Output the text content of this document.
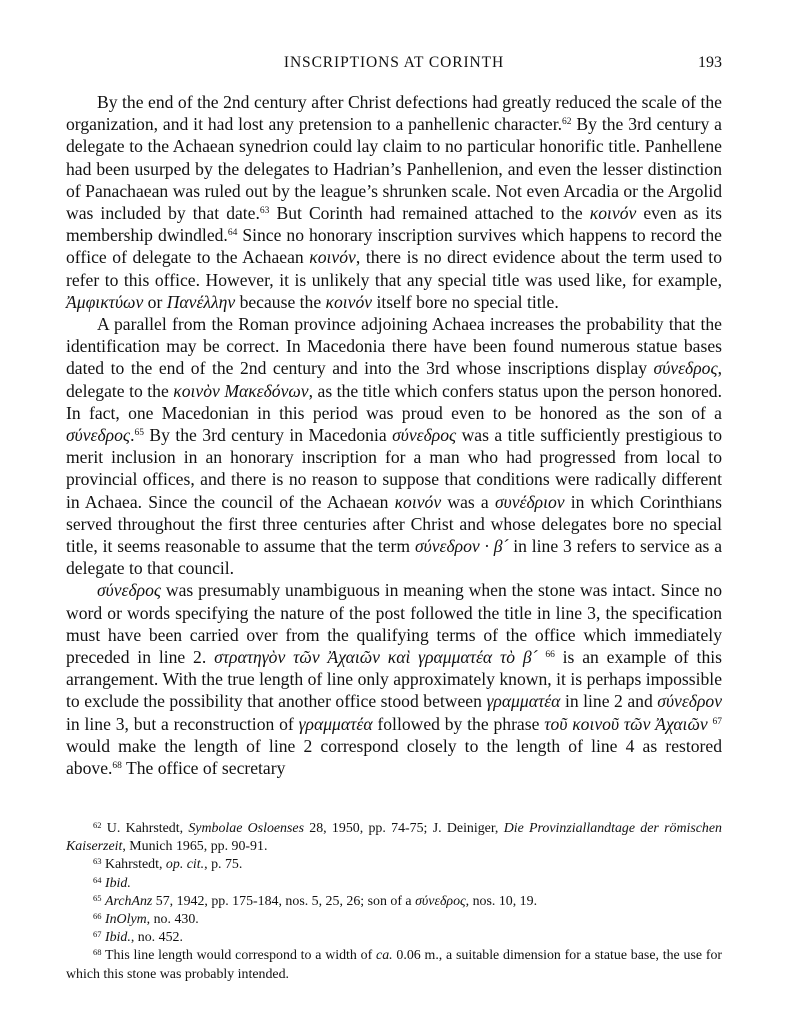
INSCRIPTIONS AT CORINTH	193

By the end of the 2nd century after Christ defections had greatly reduced the scale of the organization, and it had lost any pretension to a panhellenic character.$^{62}$ By the 3rd century a delegate to the Achaean synedrion could lay claim to no particular honorific title. Panhellene had been usurped by the delegates to Hadrian’s Panhellenion, and even the lesser distinction of Panachaean was ruled out by the league’s shrunken scale. Not even Arcadia or the Argolid was included by that date.$^{63}$ But Corinth had remained attached to the κοινόν even as its membership dwindled.$^{64}$ Since no honorary inscription survives which happens to record the office of delegate to the Achaean κοινόν, there is no direct evidence about the term used to refer to this office. However, it is unlikely that any special title was used like, for example, Ἀμφικτύων or Πανέλλην because the κοινόν itself bore no special title.

A parallel from the Roman province adjoining Achaea increases the probability that the identification may be correct. In Macedonia there have been found numerous statue bases dated to the end of the 2nd century and into the 3rd whose inscriptions display σύνεδρος, delegate to the κοινὸν Μακεδόνων, as the title which confers status upon the person honored. In fact, one Macedonian in this period was proud even to be honored as the son of a σύνεδρος.$^{65}$ By the 3rd century in Macedonia σύνεδρος was a title sufficiently prestigious to merit inclusion in an honorary inscription for a man who had progressed from local to provincial offices, and there is no reason to suppose that conditions were radically different in Achaea. Since the council of the Achaean κοινόν was a συνέδριον in which Corinthians served throughout the first three centuries after Christ and whose delegates bore no special title, it seems reasonable to assume that the term σύνεδρον · β´ in line 3 refers to service as a delegate to that council.

σύνεδρος was presumably unambiguous in meaning when the stone was intact. Since no word or words specifying the nature of the post followed the title in line 3, the specification must have been carried over from the qualifying terms of the office which immediately preceded in line 2. στρατηγὸν τῶν Ἀχαιῶν καὶ γραμματέα τὸ β´ $^{66}$ is an example of this arrangement. With the true length of line only approximately known, it is perhaps impossible to exclude the possibility that another office stood between γραμματέα in line 2 and σύνεδρον in line 3, but a reconstruction of γραμματέα followed by the phrase τοῦ κοινοῦ τῶν Ἀχαιῶν $^{67}$ would make the length of line 2 correspond closely to the length of line 4 as restored above.$^{68}$ The office of secretary

$^{62}$ U. Kahrstedt, Symbolae Osloenses 28, 1950, pp. 74-75; J. Deiniger, Die Provinziallandtage der römischen Kaiserzeit, Munich 1965, pp. 90-91.

$^{63}$ Kahrstedt, op. cit., p. 75.

$^{64}$ Ibid.

$^{65}$ ArchAnz 57, 1942, pp. 175-184, nos. 5, 25, 26; son of a σύνεδρος, nos. 10, 19.

$^{66}$ InOlym, no. 430.

$^{67}$ Ibid., no. 452.

$^{68}$ This line length would correspond to a width of ca. 0.06 m., a suitable dimension for a statue base, the use for which this stone was probably intended.
